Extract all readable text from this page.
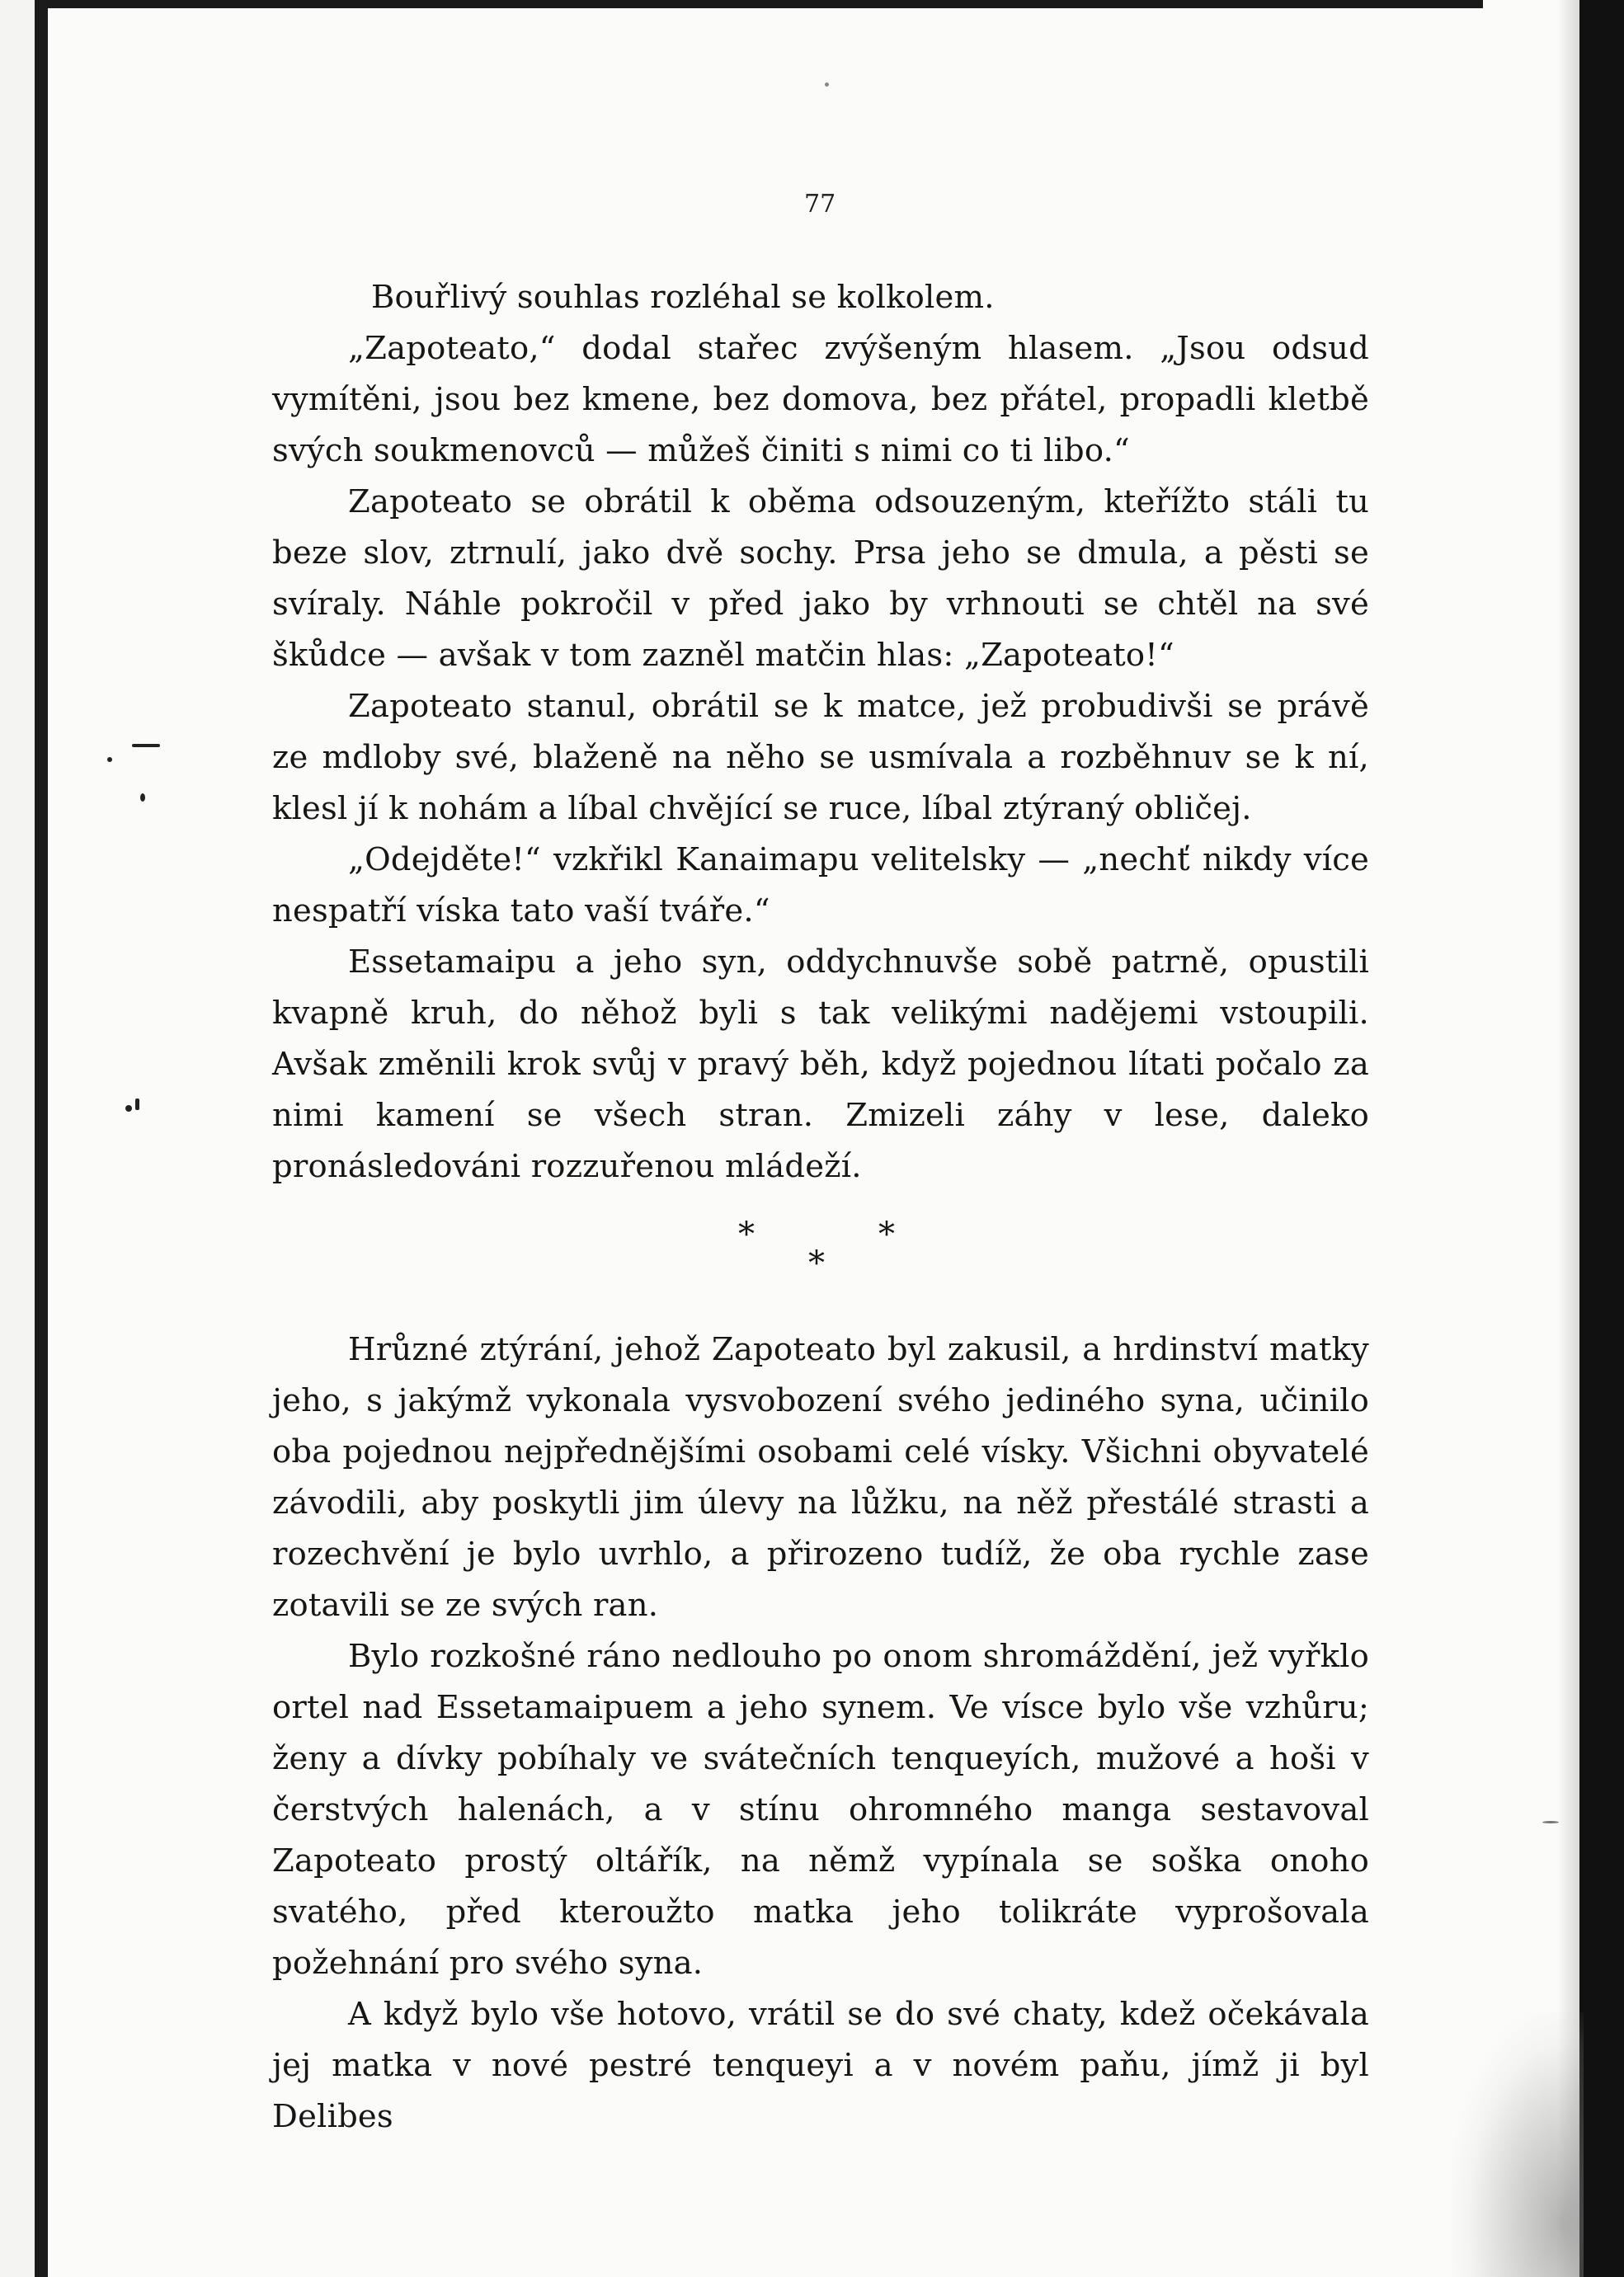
77

Bouřlivý souhlas rozléhal se kolkolem.

„Zapoteato,“ dodal stařec zvýšeným hlasem. „Jsou odsud vymítěni, jsou bez kmene, bez domova, bez přátel, propadli kletbě svých soukmenovců — můžeš činiti s nimi co ti libo.“

Zapoteato se obrátil k oběma odsouzeným, kteřížto stáli tu beze slov, ztrnulí, jako dvě sochy. Prsa jeho se dmula, a pěsti se svíraly. Náhle pokročil v před jako by vrhnouti se chtěl na své škůdce — avšak v tom zazněl matčin hlas: „Zapoteato!“

Zapoteato stanul, obrátil se k matce, jež probudivši se právě ze mdloby své, blaženě na něho se usmívala a rozběhnuv se k ní, klesl jí k nohám a líbal chvějící se ruce, líbal ztýraný obličej.

„Odejděte!“ vzkřikl Kanaimapu velitelsky — „nechť nikdy více nespatří víska tato vaší tváře.“

Essetamaipu a jeho syn, oddychnuvše sobě patrně, opustili kvapně kruh, do něhož byli s tak velikými nadějemi vstoupili. Avšak změnili krok svůj v pravý běh, když pojednou lítati počalo za nimi kamení se všech stran. Zmizeli záhy v lese, daleko pronásledováni rozzuřenou mládeží.

*
*
*

Hrůzné ztýrání, jehož Zapoteato byl zakusil, a hrdinství matky jeho, s jakýmž vykonala vysvobození svého jediného syna, učinilo oba pojednou nejpřednějšími osobami celé vísky. Všichni obyvatelé závodili, aby poskytli jim úlevy na lůžku, na něž přestálé strasti a rozechvění je bylo uvrhlo, a přirozeno tudíž, že oba rychle zase zotavili se ze svých ran.

Bylo rozkošné ráno nedlouho po onom shromáždění, jež vyřklo ortel nad Essetamaipuem a jeho synem. Ve vísce bylo vše vzhůru; ženy a dívky pobíhaly ve svátečních tenqueyích, mužové a hoši v čerstvých halenách, a v stínu ohromného manga sestavoval Zapoteato prostý oltářík, na němž vypínala se soška onoho svatého, před kteroužto matka jeho tolikráte vyprošovala požehnání pro svého syna.

A když bylo vše hotovo, vrátil se do své chaty, kdež očekávala jej matka v nové pestré tenqueyi a v novém paňu, jímž ji byl Delibes
